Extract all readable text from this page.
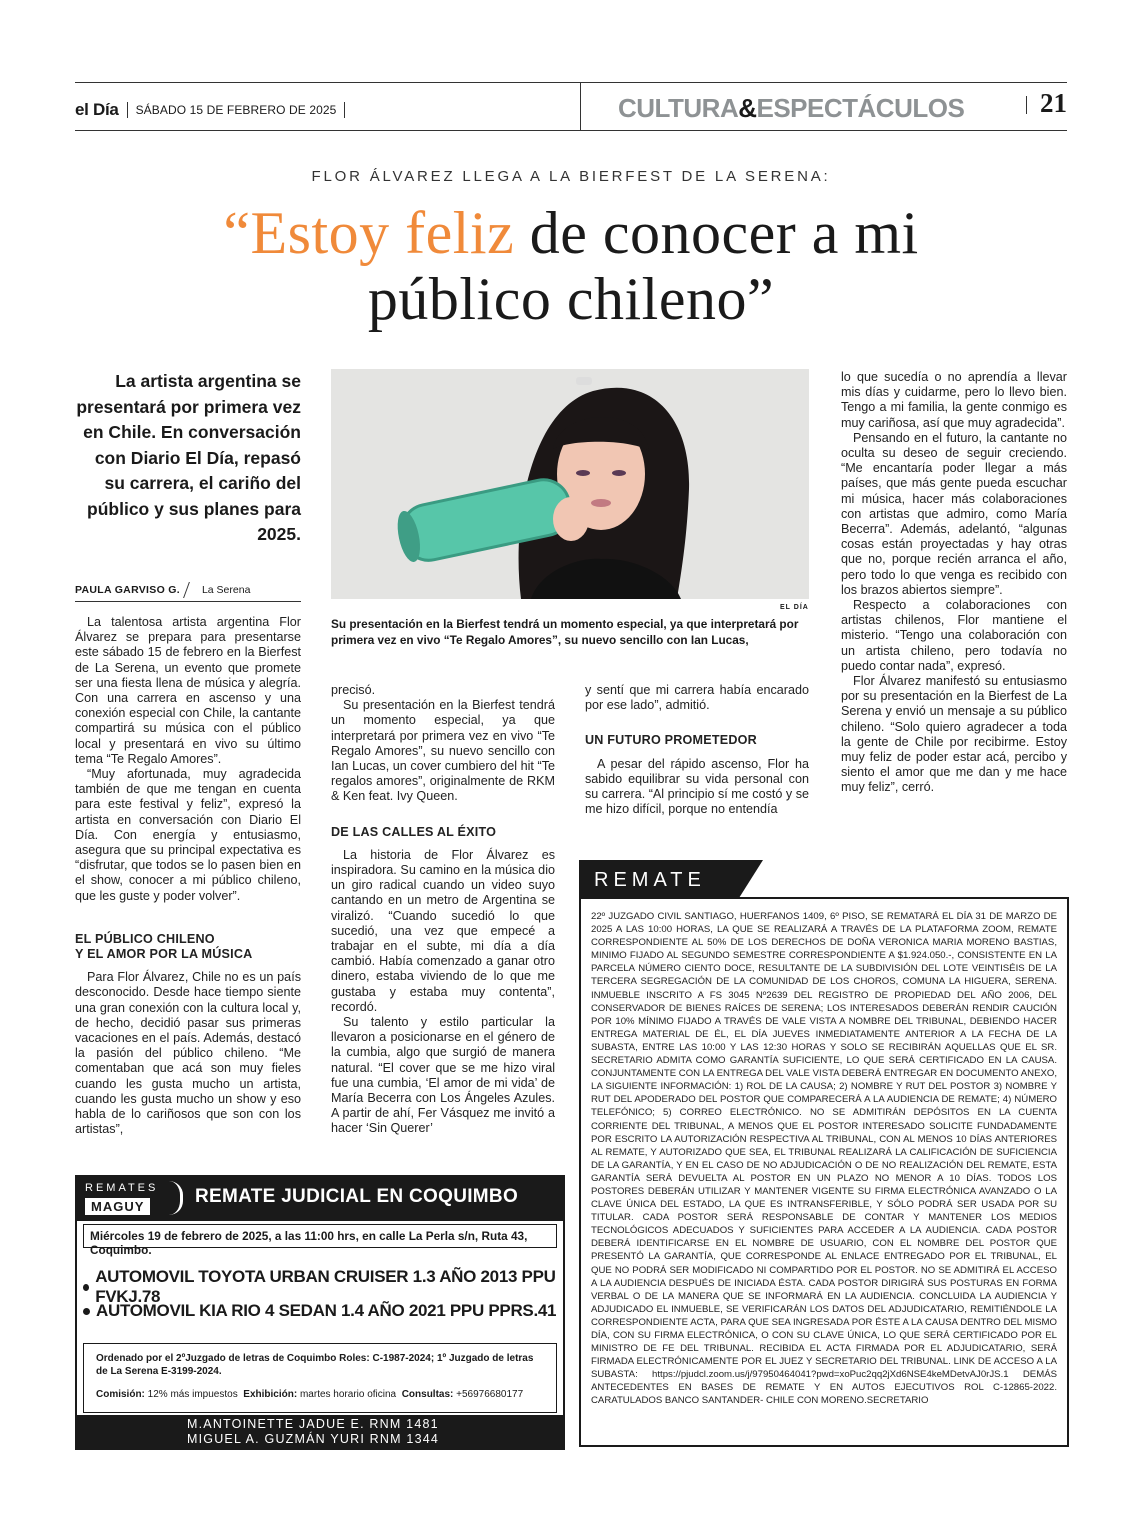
el Día SÁBADO 15 DE FEBRERO DE 2025	CULTURA&ESPECTÁCULOS	21
FLOR ÁLVAREZ LLEGA A LA BIERFEST DE LA SERENA:
“Estoy feliz de conocer a mi
público chileno”
La artista argentina se presentará por primera vez en Chile. En conversación con Diario El Día, repasó su carrera, el cariño del público y sus planes para 2025.
PAULA GARVISO G. La Serena

La talentosa artista argentina Flor Álvarez se prepara para presentarse este sábado 15 de febrero en la Bierfest de La Serena, un evento que promete ser una fiesta llena de música y alegría. Con una carrera en ascenso y una conexión especial con Chile, la cantante compartirá su música con el público local y presentará en vivo su último tema “Te Regalo Amores”.

“Muy afortunada, muy agradecida también de que me tengan en cuenta para este festival y feliz”, expresó la artista en conversación con Diario El Día. Con energía y entusiasmo, asegura que su principal expectativa es “disfrutar, que todos se lo pasen bien en el show, conocer a mi público chileno, que les guste y poder volver”.

EL PÚBLICO CHILENO
Y EL AMOR POR LA MÚSICA

Para Flor Álvarez, Chile no es un país desconocido. Desde hace tiempo siente una gran conexión con la cultura local y, de hecho, decidió pasar sus primeras vacaciones en el país. Además, destacó la pasión del público chileno. “Me comentaban que acá son muy fieles cuando les gusta mucho un artista, cuando les gusta mucho un show y eso habla de lo cariñosos que son con los artistas”,

EL DÍA
Su presentación en la Bierfest tendrá un momento especial, ya que interpretará por primera vez en vivo “Te Regalo Amores”, su nuevo sencillo con Ian Lucas,

precisó.

Su presentación en la Bierfest tendrá un momento especial, ya que interpretará por primera vez en vivo “Te Regalo Amores”, su nuevo sencillo con Ian Lucas, un cover cumbiero del hit “Te regalos amores”, originalmente de RKM & Ken feat. Ivy Queen.

DE LAS CALLES AL ÉXITO

La historia de Flor Álvarez es inspiradora. Su camino en la música dio un giro radical cuando un video suyo cantando en un metro de Argentina se viralizó. “Cuando sucedió lo que sucedió, una vez que empecé a trabajar en el subte, mi día a día cambió. Había comenzado a ganar otro dinero, estaba viviendo de lo que me gustaba y estaba muy contenta”, recordó.

Su talento y estilo particular la llevaron a posicionarse en el género de la cumbia, algo que surgió de manera natural. “El cover que se me hizo viral fue una cumbia, ‘El amor de mi vida’ de María Becerra con Los Ángeles Azules. A partir de ahí, Fer Vásquez me invitó a hacer ‘Sin Querer’

y sentí que mi carrera había encarado por ese lado”, admitió.

UN FUTURO PROMETEDOR

A pesar del rápido ascenso, Flor ha sabido equilibrar su vida personal con su carrera. “Al principio sí me costó y se me hizo difícil, porque no entendía

lo que sucedía o no aprendía a llevar mis días y cuidarme, pero lo llevo bien. Tengo a mi familia, la gente conmigo es muy cariñosa, así que muy agradecida”.

Pensando en el futuro, la cantante no oculta su deseo de seguir creciendo. “Me encantaría poder llegar a más países, que más gente pueda escuchar mi música, hacer más colaboraciones con artistas que admiro, como María Becerra”. Además, adelantó, “algunas cosas están proyectadas y hay otras que no, porque recién arranca el año, pero todo lo que venga es recibido con los brazos abiertos siempre”.

Respecto a colaboraciones con artistas chilenos, Flor mantiene el misterio. “Tengo una colaboración con un artista chileno, pero todavía no puedo contar nada”, expresó.

Flor Álvarez manifestó su entusiasmo por su presentación en la Bierfest de La Serena y envió un mensaje a su público chileno. “Solo quiero agradecer a toda la gente de Chile por recibirme. Estoy muy feliz de poder estar acá, percibo y siento el amor que me dan y me hace muy feliz”, cerró.

REMATE
22º JUZGADO CIVIL SANTIAGO, HUERFANOS 1409, 6º PISO, SE REMATARÁ EL DÍA 31 DE MARZO DE 2025 A LAS 10:00 HORAS, LA QUE SE REALIZARÁ A TRAVÉS DE LA PLATAFORMA ZOOM, REMATE CORRESPONDIENTE AL 50% DE LOS DERECHOS DE DOÑA VERONICA MARIA MORENO BASTIAS, MINIMO FIJADO AL SEGUNDO SEMESTRE CORRESPONDIENTE A $1.924.050.-, CONSISTENTE EN LA PARCELA NÚMERO CIENTO DOCE, RESULTANTE DE LA SUBDIVISIÓN DEL LOTE VEINTISÉIS DE LA TERCERA SEGREGACIÓN DE LA COMUNIDAD DE LOS CHOROS, COMUNA LA HIGUERA, SERENA. INMUEBLE INSCRITO A FS 3045 Nº2639 DEL REGISTRO DE PROPIEDAD DEL AÑO 2006, DEL CONSERVADOR DE BIENES RAÍCES DE SERENA; LOS INTERESADOS DEBERÁN RENDIR CAUCIÓN POR 10% MÍNIMO FIJADO A TRAVÉS DE VALE VISTA A NOMBRE DEL TRIBUNAL, DEBIENDO HACER ENTREGA MATERIAL DE ÉL, EL DÍA JUEVES INMEDIATAMENTE ANTERIOR A LA FECHA DE LA SUBASTA, ENTRE LAS 10:00 Y LAS 12:30 HORAS Y SOLO SE RECIBIRÁN AQUELLAS QUE EL SR. SECRETARIO ADMITA COMO GARANTÍA SUFICIENTE, LO QUE SERÁ CERTIFICADO EN LA CAUSA. CONJUNTAMENTE CON LA ENTREGA DEL VALE VISTA DEBERÁ ENTREGAR EN DOCUMENTO ANEXO, LA SIGUIENTE INFORMACIÓN: 1) ROL DE LA CAUSA; 2) NOMBRE Y RUT DEL POSTOR 3) NOMBRE Y RUT DEL APODERADO DEL POSTOR QUE COMPARECERÁ A LA AUDIENCIA DE REMATE; 4) NÚMERO TELEFÓNICO; 5) CORREO ELECTRÓNICO. NO SE ADMITIRÁN DEPÓSITOS EN LA CUENTA CORRIENTE DEL TRIBUNAL, A MENOS QUE EL POSTOR INTERESADO SOLICITE FUNDADAMENTE POR ESCRITO LA AUTORIZACIÓN RESPECTIVA AL TRIBUNAL, CON AL MENOS 10 DÍAS ANTERIORES AL REMATE, Y AUTORIZADO QUE SEA, EL TRIBUNAL REALIZARÁ LA CALIFICACIÓN DE SUFICIENCIA DE LA GARANTÍA, Y EN EL CASO DE NO ADJUDICACIÓN O DE NO REALIZACIÓN DEL REMATE, ESTA GARANTÍA SERÁ DEVUELTA AL POSTOR EN UN PLAZO NO MENOR A 10 DÍAS. TODOS LOS POSTORES DEBERÁN UTILIZAR Y MANTENER VIGENTE SU FIRMA ELECTRÓNICA AVANZADO O LA CLAVE ÚNICA DEL ESTADO, LA QUE ES INTRANSFERIBLE, Y SÓLO PODRÁ SER USADA POR SU TITULAR. CADA POSTOR SERÁ RESPONSABLE DE CONTAR Y MANTENER LOS MEDIOS TECNOLÓGICOS ADECUADOS Y SUFICIENTES PARA ACCEDER A LA AUDIENCIA. CADA POSTOR DEBERÁ IDENTIFICARSE EN EL NOMBRE DE USUARIO, CON EL NOMBRE DEL POSTOR QUE PRESENTÓ LA GARANTÍA, QUE CORRESPONDE AL ENLACE ENTREGADO POR EL TRIBUNAL, EL QUE NO PODRÁ SER MODIFICADO NI COMPARTIDO POR EL POSTOR. NO SE ADMITIRÁ EL ACCESO A LA AUDIENCIA DESPUÉS DE INICIADA ÉSTA. CADA POSTOR DIRIGIRÁ SUS POSTURAS EN FORMA VERBAL O DE LA MANERA QUE SE INFORMARÁ EN LA AUDIENCIA. CONCLUIDA LA AUDIENCIA Y ADJUDICADO EL INMUEBLE, SE VERIFICARÁN LOS DATOS DEL ADJUDICATARIO, REMITIÉNDOLE LA CORRESPONDIENTE ACTA, PARA QUE SEA INGRESADA POR ÉSTE A LA CAUSA DENTRO DEL MISMO DÍA, CON SU FIRMA ELECTRÓNICA, O CON SU CLAVE ÚNICA, LO QUE SERÁ CERTIFICADO POR EL MINISTRO DE FE DEL TRIBUNAL. RECIBIDA EL ACTA FIRMADA POR EL ADJUDICATARIO, SERÁ FIRMADA ELECTRÓNICAMENTE POR EL JUEZ Y SECRETARIO DEL TRIBUNAL. LINK DE ACCESO A LA SUBASTA: https://pjudcl.zoom.us/j/97950464041?pwd=xoPuc2qq2jXd6NSE4keMDetvAJ0rJS.1 DEMÁS ANTECEDENTES EN BASES DE REMATE Y EN AUTOS EJECUTIVOS ROL C-12865-2022. CARATULADOS BANCO SANTANDER- CHILE CON MORENO.SECRETARIO
REMATES
MAGUY	REMATE JUDICIAL EN COQUIMBO
Miércoles 19 de febrero de 2025, a las 11:00 hrs, en calle La Perla s/n, Ruta 43, Coquimbo.
AUTOMOVIL TOYOTA URBAN CRUISER 1.3 AÑO 2013 PPU FVKJ.78
AUTOMOVIL KIA RIO 4 SEDAN 1.4 AÑO 2021 PPU PPRS.41
Ordenado por el 2ºJuzgado de letras de Coquimbo Roles: C-1987-2024; 1º Juzgado de letras de La Serena E-3199-2024.
Comisión: 12% más impuestos Exhibición: martes horario oficina Consultas: +56976680177
M.ANTOINETTE JADUE E. RNM 1481
MIGUEL A. GUZMÁN YURI RNM 1344
